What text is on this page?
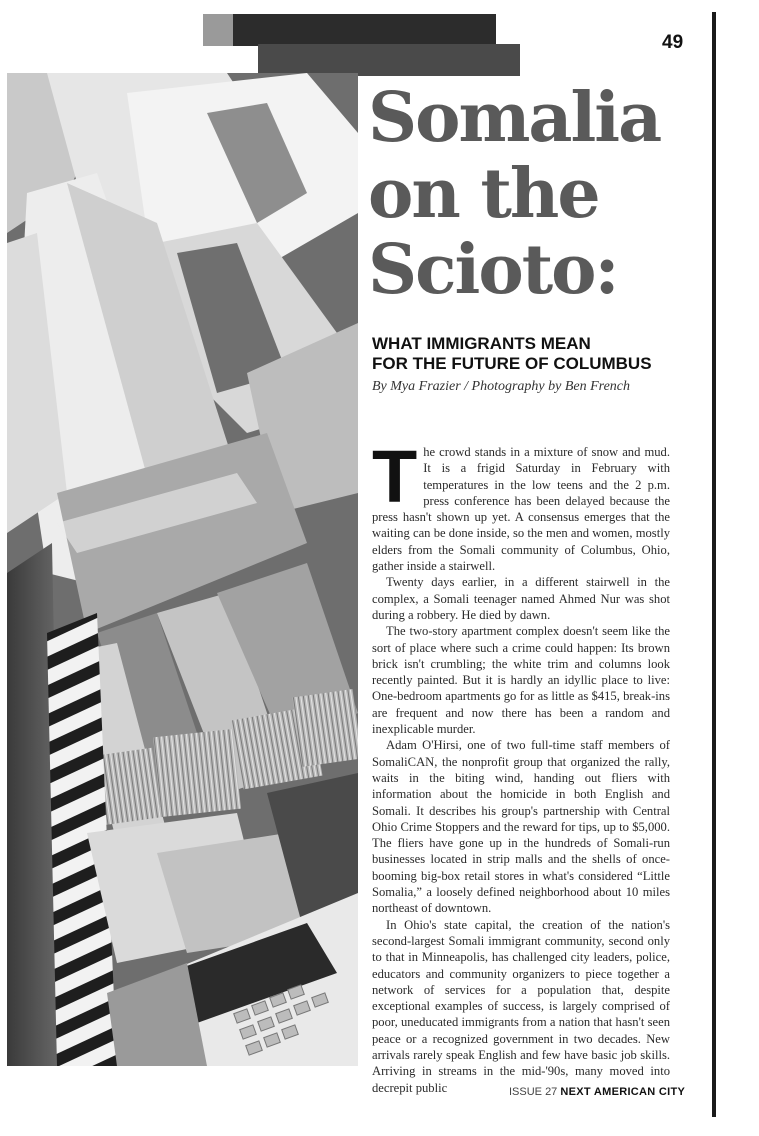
49
Somalia
on the
Scioto:
WHAT IMMIGRANTS MEAN
FOR THE FUTURE OF COLUMBUS

By Mya Frazier / Photography by Ben French

The crowd stands in a mixture of snow and mud. It is a frigid Saturday in February with temperatures in the low teens and the 2 p.m. press conference has been delayed because the press hasn't shown up yet. A consensus emerges that the waiting can be done inside, so the men and women, mostly elders from the Somali community of Columbus, Ohio, gather inside a stairwell.

Twenty days earlier, in a different stairwell in the complex, a Somali teenager named Ahmed Nur was shot during a robbery. He died by dawn.

The two-story apartment complex doesn't seem like the sort of place where such a crime could happen: Its brown brick isn't crumbling; the white trim and columns look recently painted. But it is hardly an idyllic place to live: One-bedroom apartments go for as little as $415, break-ins are frequent and now there has been a random and inexplicable murder.

Adam O'Hirsi, one of two full-time staff members of SomaliCAN, the nonprofit group that organized the rally, waits in the biting wind, handing out fliers with information about the homicide in both English and Somali. It describes his group's partnership with Central Ohio Crime Stoppers and the reward for tips, up to $5,000. The fliers have gone up in the hundreds of Somali-run businesses located in strip malls and the shells of once-booming big-box retail stores in what's considered “Little Somalia,” a loosely defined neighborhood about 10 miles northeast of downtown.

In Ohio's state capital, the creation of the nation's second-largest Somali immigrant community, second only to that in Minneapolis, has challenged city leaders, police, educators and community organizers to piece together a network of services for a population that, despite exceptional examples of success, is largely comprised of poor, uneducated immigrants from a nation that hasn't seen peace or a recognized government in two decades. New arrivals rarely speak English and few have basic job skills. Arriving in streams in the mid-'90s, many moved into decrepit public	ISSUE 27 NEXT AMERICAN CITY
